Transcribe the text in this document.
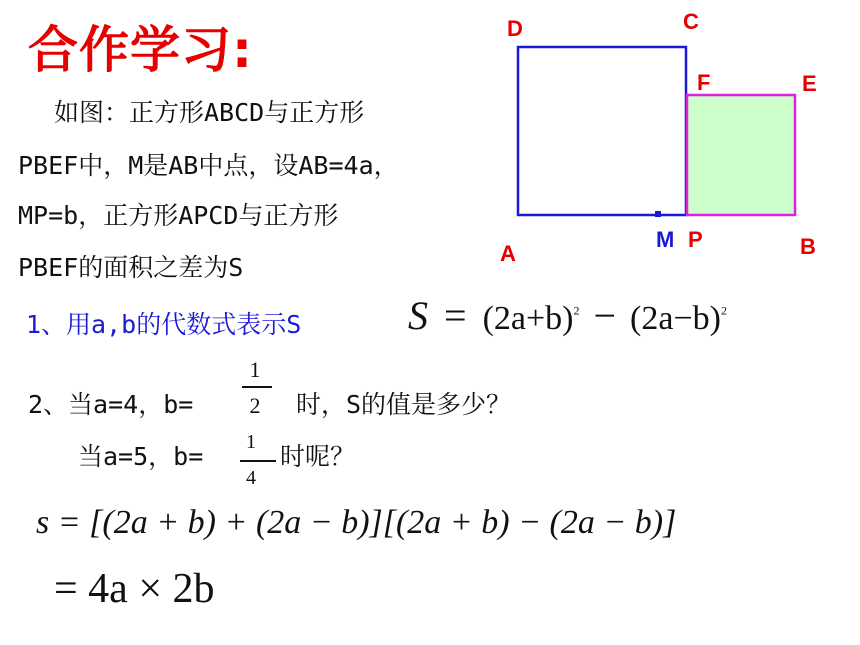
合作学习:
如图：正方形ABCD与正方形
PBEF中，M是AB中点，设AB=4a，
MP=b，正方形APCD与正方形
PBEF的面积之差为S
D	C
F	E
A
M P	B
1、用a,b的代数式表示S	$S = (2a+b)^2 - (2a-b)^2$
2、当a=4，b=
1
2	时，S的值是多少？
当a=5，b=	1
4
时呢？
s = [(2a + b) + (2a − b)][(2a + b) − (2a − b)]
= 4a × 2b
